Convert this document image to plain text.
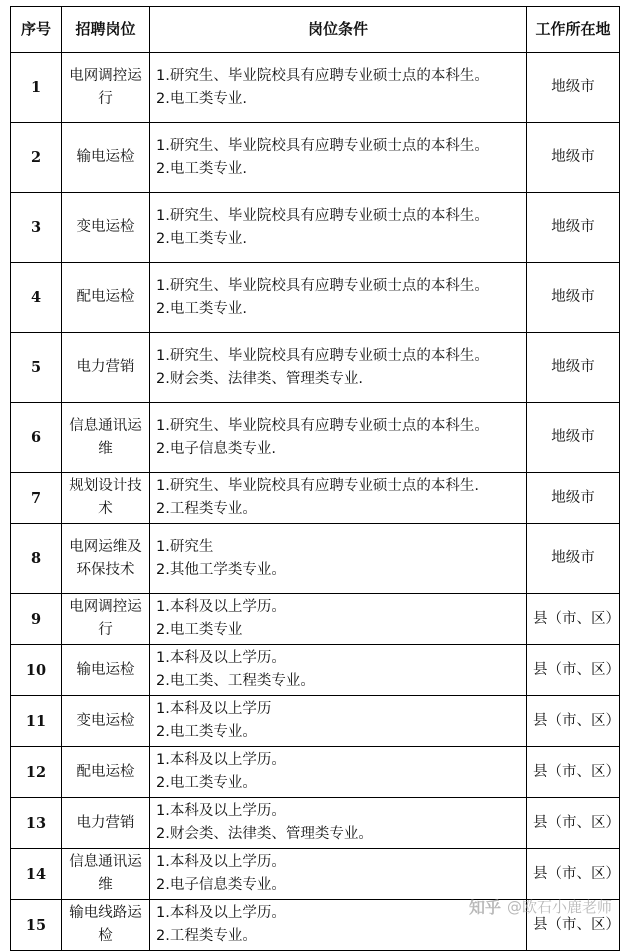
序号	招聘岗位	岗位条件	工作所在地
1	电网调控运行	1.研究生、毕业院校具有应聘专业硕士点的本科生。
2.电工类专业.	地级市
2	输电运检	1.研究生、毕业院校具有应聘专业硕士点的本科生。
2.电工类专业.	地级市
3	变电运检	1.研究生、毕业院校具有应聘专业硕士点的本科生。
2.电工类专业.	地级市
4	配电运检	1.研究生、毕业院校具有应聘专业硕士点的本科生。
2.电工类专业.	地级市
5	电力营销	1.研究生、毕业院校具有应聘专业硕士点的本科生。
2.财会类、法律类、管理类专业.	地级市
6	信息通讯运维	1.研究生、毕业院校具有应聘专业硕士点的本科生。
2.电子信息类专业.	地级市
7	规划设计技术	1.研究生、毕业院校具有应聘专业硕士点的本科生.
2.工程类专业。	地级市
8	电网运维及环保技术	1.研究生
2.其他工学类专业。	地级市
9	电网调控运行	1.本科及以上学历。
2.电工类专业	县（市、区）
10	输电运检	1.本科及以上学历。
2.电工类、工程类专业。	县（市、区）
11	变电运检	1.本科及以上学历
2.电工类专业。	县（市、区）
12	配电运检	1.本科及以上学历。
2.电工类专业。	县（市、区）
13	电力营销	1.本科及以上学历。
2.财会类、法律类、管理类专业。	县（市、区）
14	信息通讯运维	1.本科及以上学历。
2.电子信息类专业。	县（市、区）
15	输电线路运检	1.本科及以上学历。
2.工程类专业。	县（市、区）
知乎 @欧石小鹿老师
